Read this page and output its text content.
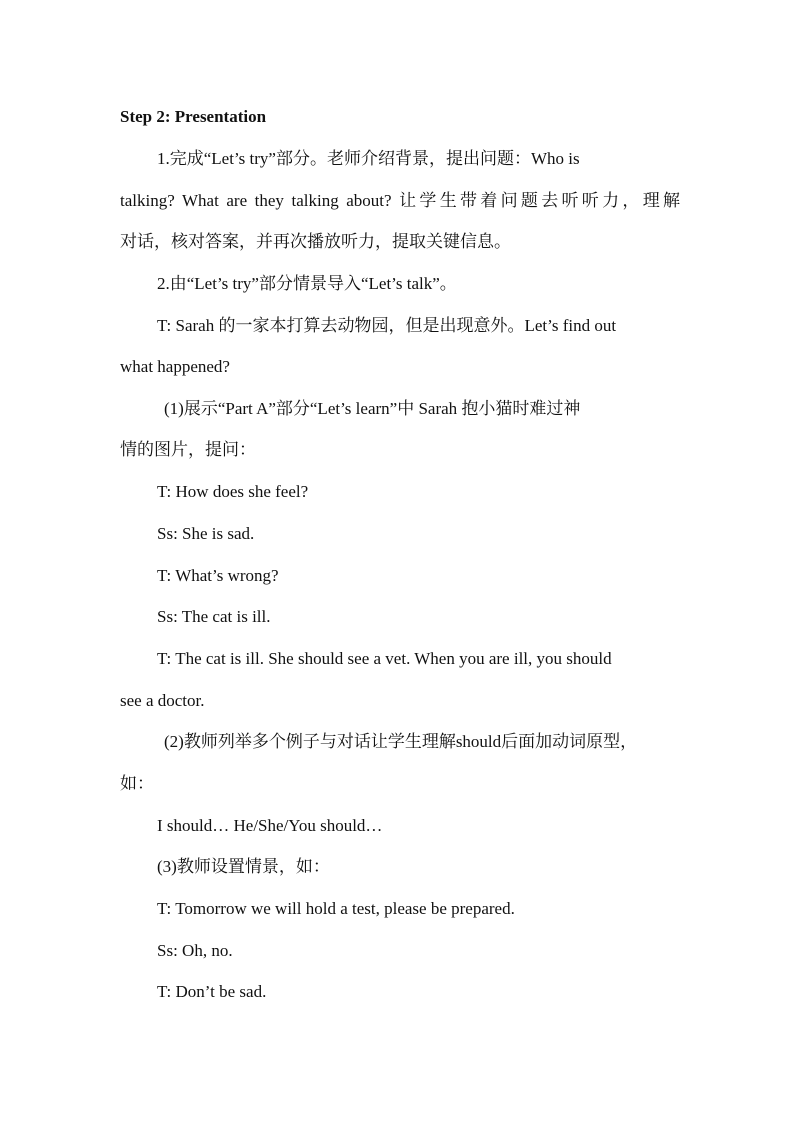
Step 2: Presentation
1.完成“Let’s try”部分。老师介绍背景，提出问题：Who is
talking? What are they talking about? 让学生带着问题去听听力，理解
对话，核对答案，并再次播放听力，提取关键信息。
2.由“Let’s try”部分情景导入“Let’s talk”。
T: Sarah 的一家本打算去动物园，但是出现意外。Let’s find out
what happened?
(1)展示“Part A”部分“Let’s learn”中 Sarah 抱小猫时难过神
情的图片，提问：
T: How does she feel?
Ss: She is sad.
T: What’s wrong?
Ss: The cat is ill.
T: The cat is ill. She should see a vet. When you are ill, you should
see a doctor.
(2)教师列举多个例子与对话让学生理解should后面加动词原型，
如：
I should… He/She/You should…
(3)教师设置情景，如：
T: Tomorrow we will hold a test, please be prepared.
Ss: Oh, no.
T: Don’t be sad.
